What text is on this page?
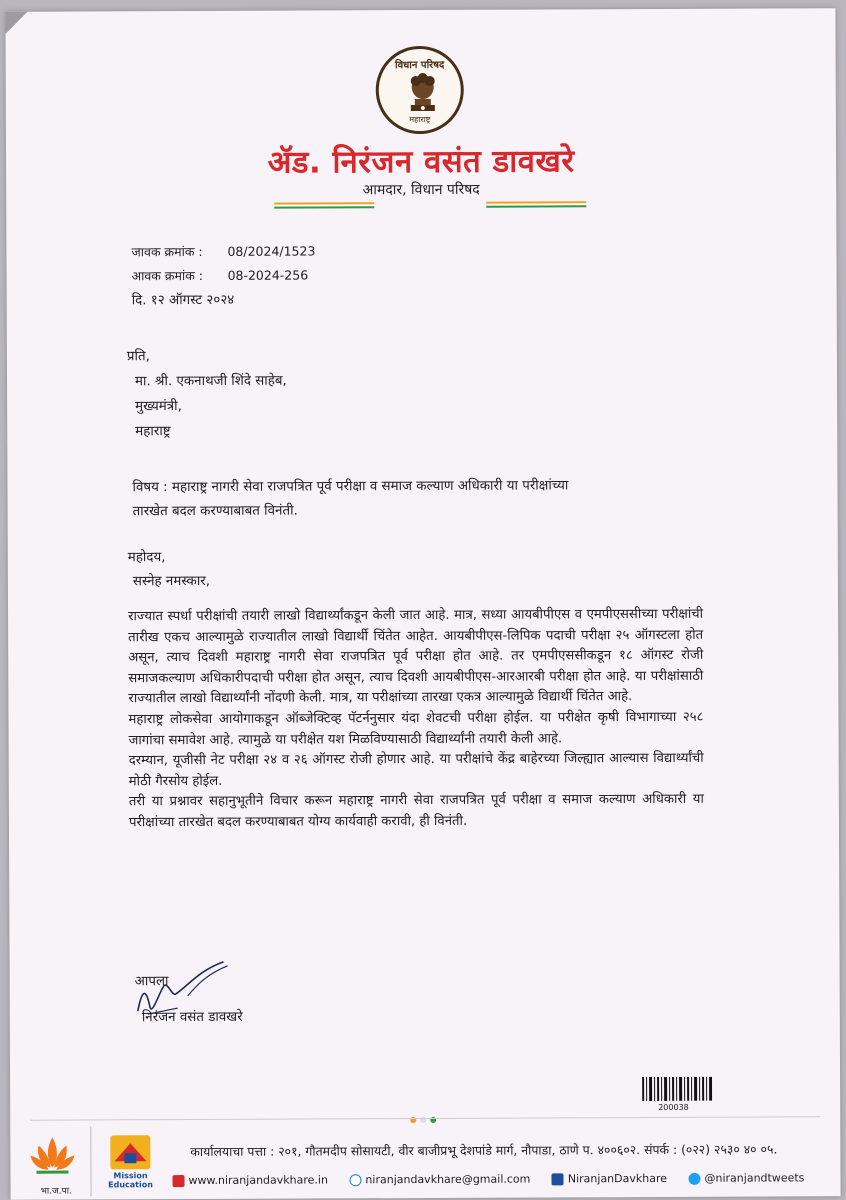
विधान परिषद
महाराष्ट्र
ॲड. निरंजन वसंत डावखरे
आमदार, विधान परिषद
जावक क्रमांक : 08/2024/1523
आवक क्रमांक : 08-2024-256
दि. १२ ऑगस्ट २०२४
प्रति,
मा. श्री. एकनाथजी शिंदे साहेब,
मुख्यमंत्री,
महाराष्ट्र
विषय : महाराष्ट्र नागरी सेवा राजपत्रित पूर्व परीक्षा व समाज कल्याण अधिकारी या परीक्षांच्या
तारखेत बदल करण्याबाबत विनंती.
महोदय,
सस्नेह नमस्कार,

राज्यात स्पर्धा परीक्षांची तयारी लाखो विद्यार्थ्यांकडून केली जात आहे. मात्र, सध्या आयबीपीएस व एमपीएससीच्या परीक्षांची तारीख एकच आल्यामुळे राज्यातील लाखो विद्यार्थी चिंतेत आहेत. आयबीपीएस-लिपिक पदाची परीक्षा २५ ऑगस्टला होत असून, त्याच दिवशी महाराष्ट्र नागरी सेवा राजपत्रित पूर्व परीक्षा होत आहे. तर एमपीएससीकडून १८ ऑगस्ट रोजी समाजकल्याण अधिकारीपदाची परीक्षा होत असून, त्याच दिवशी आयबीपीएस-आरआरबी परीक्षा होत आहे. या परीक्षांसाठी राज्यातील लाखो विद्यार्थ्यांनी नोंदणी केली. मात्र, या परीक्षांच्या तारखा एकत्र आल्यामुळे विद्यार्थी चिंतेत आहे.

महाराष्ट्र लोकसेवा आयोगाकडून ऑब्जेक्टिव्ह पॅटर्ननुसार यंदा शेवटची परीक्षा होईल. या परीक्षेत कृषी विभागाच्या २५८ जागांचा समावेश आहे. त्यामुळे या परीक्षेत यश मिळविण्यासाठी विद्यार्थ्यांनी तयारी केली आहे.

दरम्यान, यूजीसी नेट परीक्षा २४ व २६ ऑगस्ट रोजी होणार आहे. या परीक्षांचे केंद्र बाहेरच्या जिल्ह्यात आल्यास विद्यार्थ्यांची मोठी गैरसोय होईल.

तरी या प्रश्नावर सहानुभूतीने विचार करून महाराष्ट्र नागरी सेवा राजपत्रित पूर्व परीक्षा व समाज कल्याण अधिकारी या परीक्षांच्या तारखेत बदल करण्याबाबत योग्य कार्यवाही करावी, ही विनंती.

आपला
निरंजन वसंत डावखरे
200038
भा.ज.पा.
Mission Education
कार्यालयाचा पत्ता : २०१, गौतमदीप सोसायटी, वीर बाजीप्रभू देशपांडे मार्ग, नौपाडा, ठाणे प. ४००६०२. संपर्क : (०२२) २५३० ४० ०५.
www.niranjandavkhare.in	niranjandavkhare@gmail.com	NiranjanDavkhare	@niranjandtweets
